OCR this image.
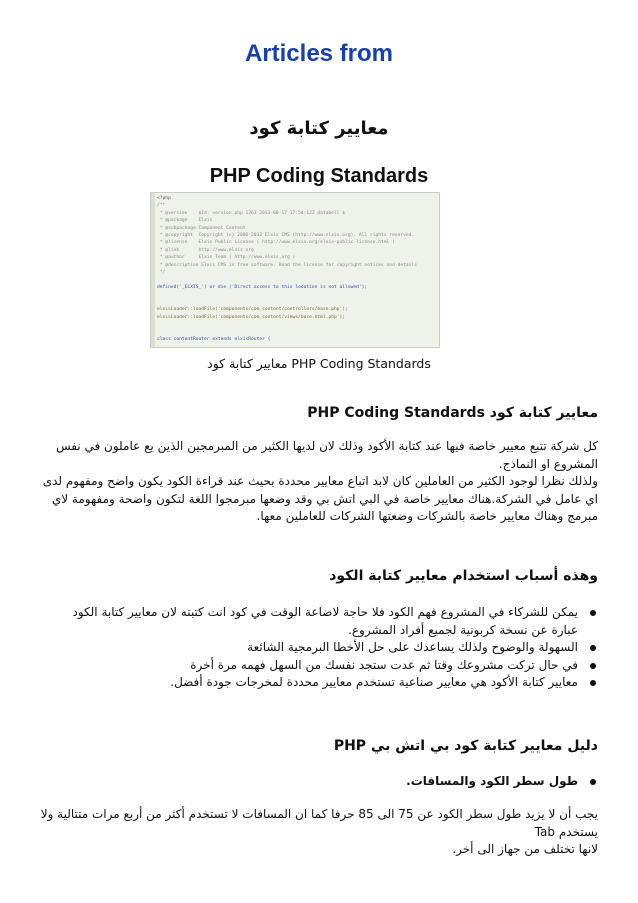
Articles from
معايير كتابة كود
PHP Coding Standards
<?php
/**
* @version    $Id: version.php 1263 2013-08-17 17:54:12Z databell $
* @package    Elxis
* @subpackage Component Content
* @copyright  Copyright (c) 2006-2012 Elxis CMS (http://www.elxis.org). All rights reserved.
* @license    Elxis Public License ( http://www.elxis.org/elxis-public-license.html )
* @link       http://www.elxis.org
* @author     Elxis Team ( http://www.elxis.org )
* @description Elxis CMS is free software. Read the license for copyright notices and details
*/

defined('_ELXIS_') or die ('Direct access to this location is not allowed');

elxisLoader::loadFile('components/com_content/controllers/base.php');
elxisLoader::loadFile('components/com_content/views/base.html.php');

class contentRouter extends elxisRouter {

PHP Coding Standards معايير كتابة كود
معايير كتابة كود PHP Coding Standards
كل شركة تتبع معيير خاصة فيها عند كتابة الأكود وذلك لان لديها الكثير من المبرمجين الذين يع عاملون في نفس
المشروع او النماذج.
ولذلك نظرا لوجود الكثير من العاملين كان لابد اتباع معايير محددة بحيث عند قراءة الكود يكون واضح ومفهوم لدى
اي عامل في الشركة.هناك معايير خاصة في البي اتش بي وقد وضعها مبرمجوا اللغة لتكون واضحة ومفهومة لاي
مبرمج وهناك معايير خاصة بالشركات وضعتها الشركات للعاملين معها.
وهذه أسباب استخدام معايير كتابة الكود
يمكن للشركاء في المشروع فهم الكود فلا حاجة لاضاعة الوقت في كود انت كتبته لان معايير كتابة الكود
عبارة عن نسخة كربونية لجميع أفراد المشروع.
السهولة والوضوح ولذلك يساعدك على حل الأخطا البرمجية الشائعة
في حال تركت مشروعك وقتا ثم عدت ستجد نفسك من السهل فهمه مرة أخرة
معايير كتابة الأكود هي معايير صناعية تستخدم معايير محددة لمخرجات جودة أفضل.
دليل معايير كتابة كود بي اتش بي PHP
طول سطر الكود والمسافات.
يجب أن لا يزيد طول سطر الكود عن 75 الى 85 حرفا كما ان المسافات لا تستخدم أكثر من أربع مرات متتالية ولا
يستخدم Tab
لانها تختلف من جهاز الى أخر.
